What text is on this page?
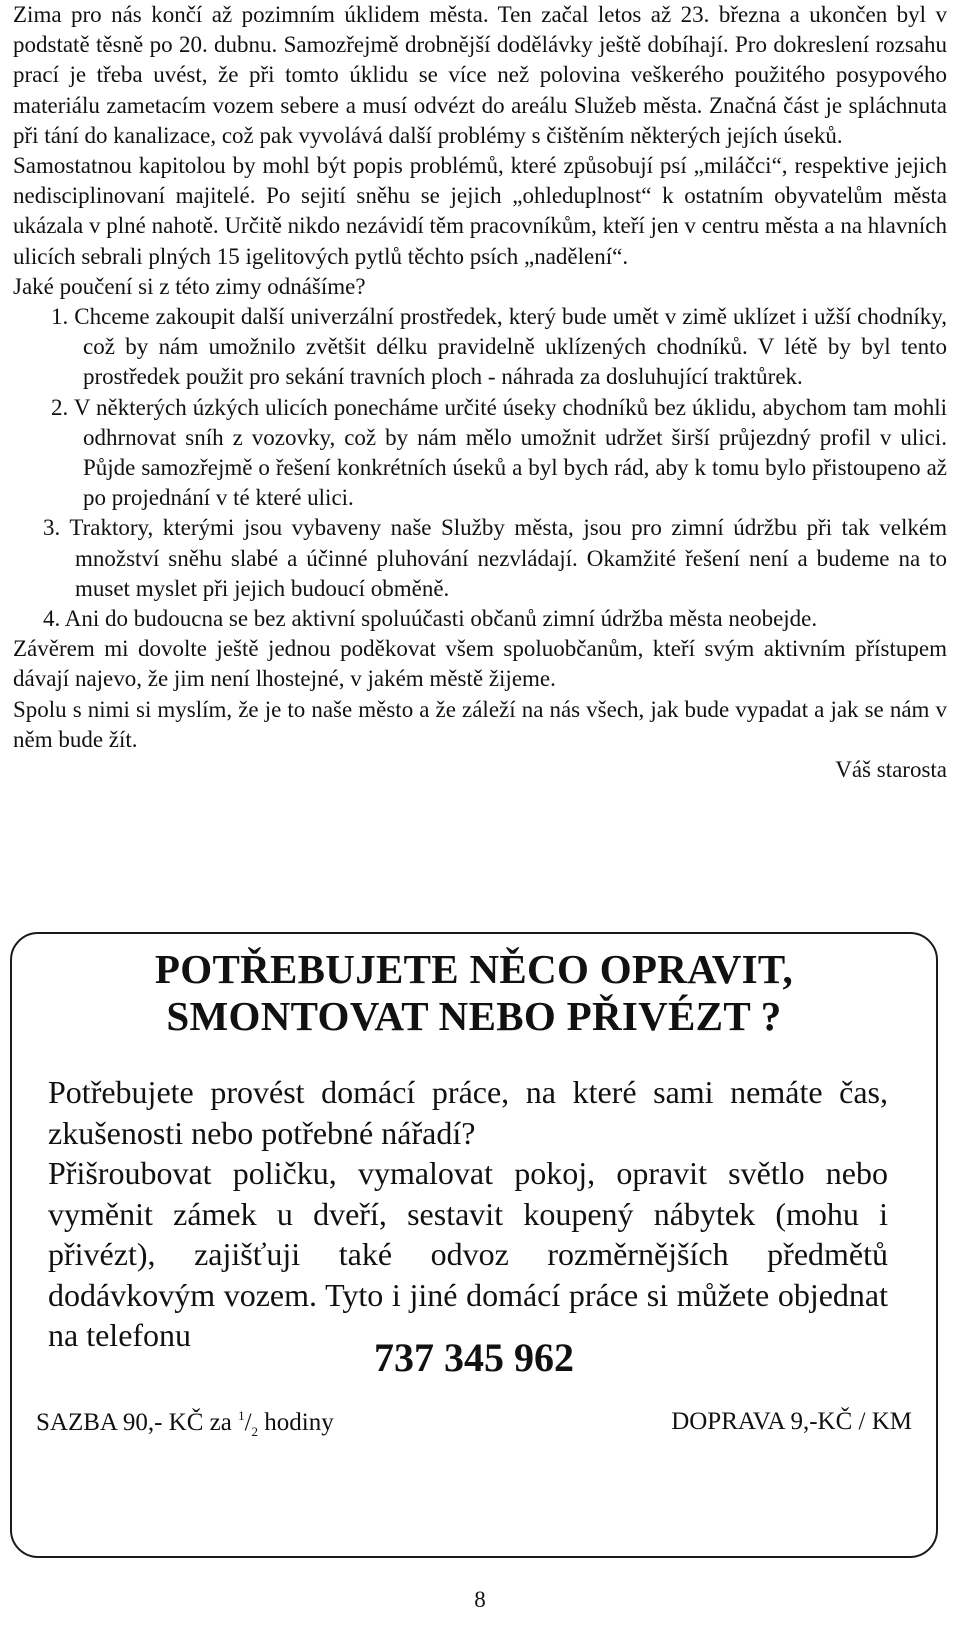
Zima pro nás končí až pozimním úklidem města. Ten začal letos až 23. března a ukončen byl v podstatě těsně po 20. dubnu. Samozřejmě drobnější dodělávky ještě dobíhají. Pro dokreslení rozsahu prací je třeba uvést, že při tomto úklidu se více než polovina veškerého použitého posypového materiálu zametacím vozem sebere a musí odvézt do areálu Služeb města. Značná část je spláchnuta při tání do kanalizace, což pak vyvolává další problémy s čištěním některých jejích úseků.

Samostatnou kapitolou by mohl být popis problémů, které způsobují psí „miláčci“, respektive jejich nedisciplinovaní majitelé. Po sejití sněhu se jejich „ohleduplnost“ k ostatním obyvatelům města ukázala v plné nahotě. Určitě nikdo nezávidí těm pracovníkům, kteří jen v centru města a na hlavních ulicích sebrali plných 15 igelitových pytlů těchto psích „nadělení“.

Jaké poučení si z této zimy odnášíme?

1. Chceme zakoupit další univerzální prostředek, který bude umět v zimě uklízet i užší chodníky, což by nám umožnilo zvětšit délku pravidelně uklízených chodníků. V létě by byl tento prostředek použit pro sekání travních ploch - náhrada za dosluhující traktůrek.
2. V některých úzkých ulicích ponecháme určité úseky chodníků bez úklidu, abychom tam mohli odhrnovat sníh z vozovky, což by nám mělo umožnit udržet širší průjezdný profil v ulici. Půjde samozřejmě o řešení konkrétních úseků a byl bych rád, aby k tomu bylo přistoupeno až po projednání v té které ulici.
3. Traktory, kterými jsou vybaveny naše Služby města, jsou pro zimní údržbu při tak velkém množství sněhu slabé a účinné pluhování nezvládají. Okamžité řešení není a budeme na to muset myslet při jejich budoucí obměně.
4. Ani do budoucna se bez aktivní spoluúčasti občanů zimní údržba města neobejde.

Závěrem mi dovolte ještě jednou poděkovat všem spoluobčanům, kteří svým aktivním přístupem dávají najevo, že jim není lhostejné, v jakém městě žijeme.

Spolu s nimi si myslím, že je to naše město a že záleží na nás všech, jak bude vypadat a jak se nám v něm bude žít.

Váš starosta

POTŘEBUJETE NĚCO OPRAVIT,
SMONTOVAT NEBO PŘIVÉZT ?
Potřebujete provést domácí práce, na které sami nemáte čas, zkušenosti nebo potřebné nářadí?
Přišroubovat poličku, vymalovat pokoj, opravit světlo nebo vyměnit zámek u dveří, sestavit koupený nábytek (mohu i přivézt), zajišťuji také odvoz rozměrnějších předmětů dodávkovým vozem. Tyto i jiné domácí práce si můžete objednat na telefonu	737 345 962
SAZBA 90,- KČ za $^1/_2$ hodiny	DOPRAVA 9,-KČ / KM
8
